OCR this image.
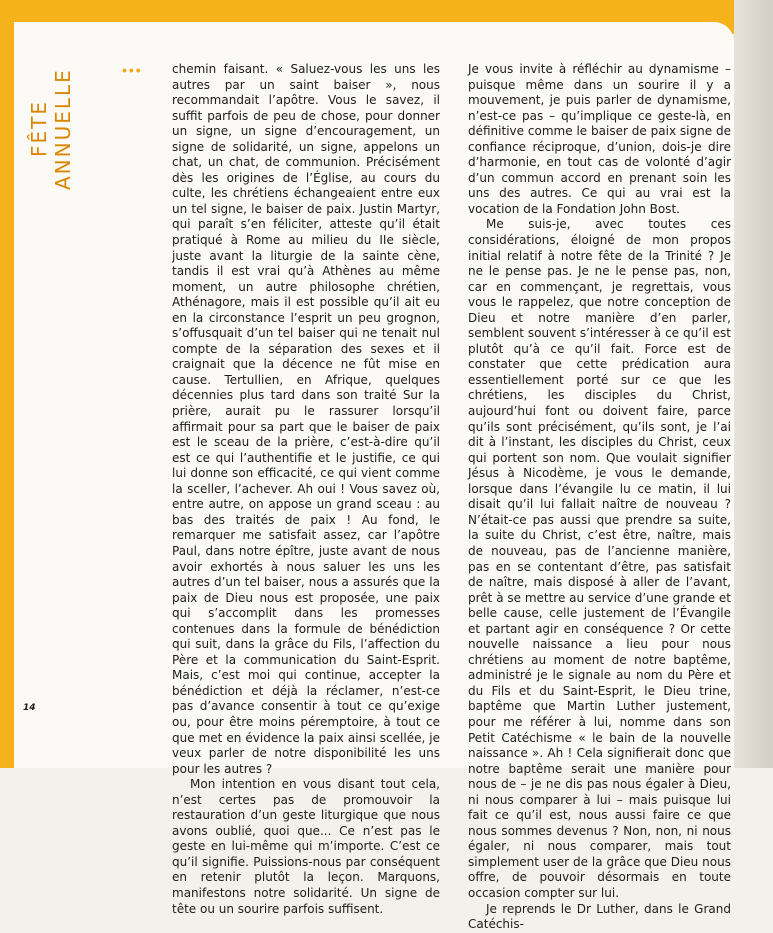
FÊTE ANNUELLE	••• chemin faisant. « Saluez-vous les uns les autres par un saint baiser », nous recommandait l’apôtre. Vous le savez, il suffit parfois de peu de chose, pour donner un signe, un signe d’encouragement, un signe de solidarité, un signe, appelons un chat, un chat, de communion. Précisément dès les origines de l’Église, au cours du culte, les chrétiens échangeaient entre eux un tel signe, le baiser de paix. Justin Martyr, qui paraît s’en féliciter, atteste qu’il était pratiqué à Rome au milieu du IIe siècle, juste avant la liturgie de la sainte cène, tandis il est vrai qu’à Athènes au même moment, un autre philosophe chrétien, Athénagore, mais il est possible qu’il ait eu en la circonstance l’esprit un peu grognon, s’offusquait d’un tel baiser qui ne tenait nul compte de la séparation des sexes et il craignait que la décence ne fût mise en cause. Tertullien, en Afrique, quelques décennies plus tard dans son traité Sur la prière, aurait pu le rassurer lorsqu’il affirmait pour sa part que le baiser de paix est le sceau de la prière, c’est-à-dire qu’il est ce qui l’authentifie et le justifie, ce qui lui donne son efficacité, ce qui vient comme la sceller, l’achever. Ah oui ! Vous savez où, entre autre, on appose un grand sceau : au bas des traités de paix ! Au fond, le remarquer me satisfait assez, car l’apôtre Paul, dans notre épître, juste avant de nous avoir exhortés à nous saluer les uns les autres d’un tel baiser, nous a assurés que la paix de Dieu nous est proposée, une paix qui s’accomplit dans les promesses contenues dans la formule de bénédiction qui suit, dans la grâce du Fils, l’affection du Père et la communication du Saint-Esprit. Mais, c’est moi qui continue, accepter la bénédiction et déjà la réclamer, n’est-ce pas d’avance consentir à tout ce qu’exige ou, pour être moins péremptoire, à tout ce que met en évidence la paix ainsi scellée, je veux parler de notre disponibilité les uns pour les autres ?

Mon intention en vous disant tout cela, n’est certes pas de promouvoir la restauration d’un geste liturgique que nous avons oublié, quoi que... Ce n’est pas le geste en lui-même qui m’importe. C’est ce qu’il signifie. Puissions-nous par conséquent en retenir plutôt la leçon. Marquons, manifestons notre solidarité. Un signe de tête ou un sourire parfois suffisent.

Je vous invite à réfléchir au dynamisme – puisque même dans un sourire il y a mouvement, je puis parler de dynamisme, n’est-ce pas – qu’implique ce geste-là, en définitive comme le baiser de paix signe de confiance réciproque, d’union, dois-je dire d’harmonie, en tout cas de volonté d’agir d’un commun accord en prenant soin les uns des autres. Ce qui au vrai est la vocation de la Fondation John Bost.

Me suis-je, avec toutes ces considérations, éloigné de mon propos initial relatif à notre fête de la Trinité ? Je ne le pense pas. Je ne le pense pas, non, car en commençant, je regrettais, vous vous le rappelez, que notre conception de Dieu et notre manière d’en parler, semblent souvent s’intéresser à ce qu’il est plutôt qu’à ce qu’il fait. Force est de constater que cette prédication aura essentiellement porté sur ce que les chrétiens, les disciples du Christ, aujourd’hui font ou doivent faire, parce qu’ils sont précisément, qu’ils sont, je l’ai dit à l’instant, les disciples du Christ, ceux qui portent son nom. Que voulait signifier Jésus à Nicodème, je vous le demande, lorsque dans l’évangile lu ce matin, il lui disait qu’il lui fallait naître de nouveau ? N’était-ce pas aussi que prendre sa suite, la suite du Christ, c’est être, naître, mais de nouveau, pas de l’ancienne manière, pas en se contentant d’être, pas satisfait de naître, mais disposé à aller de l’avant, prêt à se mettre au service d’une grande et belle cause, celle justement de l’Évangile et partant agir en conséquence ? Or cette nouvelle naissance a lieu pour nous chrétiens au moment de notre baptême, administré je le signale au nom du Père et du Fils et du Saint-Esprit, le Dieu trine, baptême que Martin Luther justement, pour me référer à lui, nomme dans son Petit Catéchisme « le bain de la nouvelle naissance ». Ah ! Cela signifierait donc que notre baptême serait une manière pour nous de – je ne dis pas nous égaler à Dieu, ni nous comparer à lui – mais puisque lui fait ce qu’il est, nous aussi faire ce que nous sommes devenus ? Non, non, ni nous égaler, ni nous comparer, mais tout simplement user de la grâce que Dieu nous offre, de pouvoir désormais en toute occasion compter sur lui.

Je reprends le Dr Luther, dans le Grand Catéchis-

14
